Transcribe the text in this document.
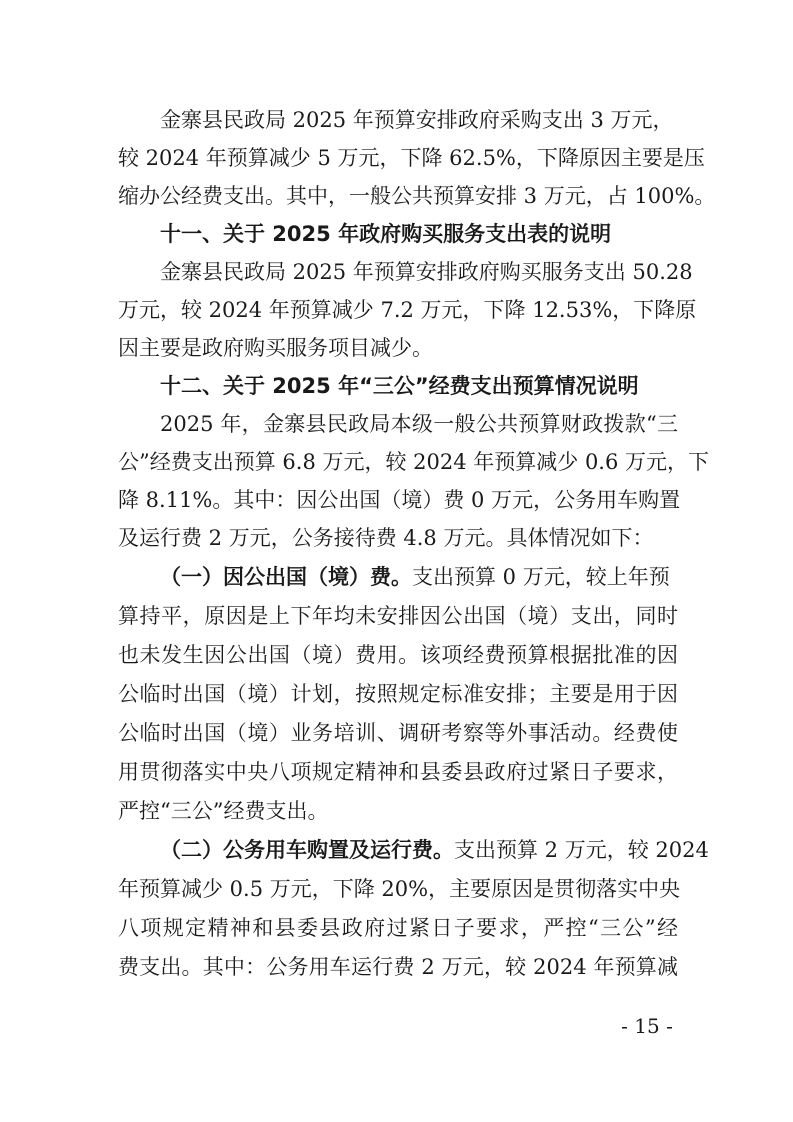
金寨县民政局 2025 年预算安排政府采购支出 3 万元，
较 2024 年预算减少 5 万元，下降 62.5%，下降原因主要是压
缩办公经费支出。其中，一般公共预算安排 3 万元，占 100%。
十一、关于 2025 年政府购买服务支出表的说明
金寨县民政局 2025 年预算安排政府购买服务支出 50.28
万元，较 2024 年预算减少 7.2 万元，下降 12.53%，下降原
因主要是政府购买服务项目减少。
十二、关于 2025 年“三公”经费支出预算情况说明
2025 年，金寨县民政局本级一般公共预算财政拨款“三
公”经费支出预算 6.8 万元，较 2024 年预算减少 0.6 万元，下
降 8.11%。其中：因公出国（境）费 0 万元，公务用车购置
及运行费 2 万元，公务接待费 4.8 万元。具体情况如下：
（一）因公出国（境）费。支出预算 0 万元，较上年预
算持平，原因是上下年均未安排因公出国（境）支出，同时
也未发生因公出国（境）费用。该项经费预算根据批准的因
公临时出国（境）计划，按照规定标准安排；主要是用于因
公临时出国（境）业务培训、调研考察等外事活动。经费使
用贯彻落实中央八项规定精神和县委县政府过紧日子要求，
严控“三公”经费支出。
（二）公务用车购置及运行费。支出预算 2 万元，较 2024
年预算减少 0.5 万元，下降 20%，主要原因是贯彻落实中央
八项规定精神和县委县政府过紧日子要求，严控“三公”经
费支出。其中：公务用车运行费 2 万元，较 2024 年预算减
- 15 -
